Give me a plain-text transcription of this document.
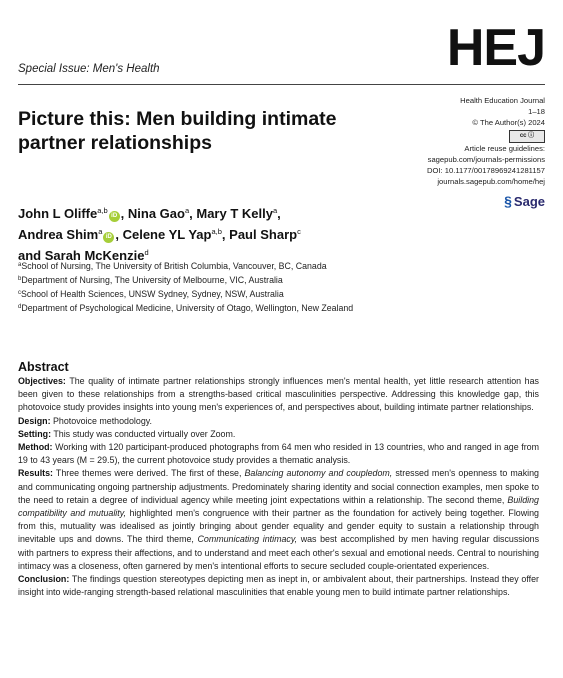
Special Issue: Men's Health	HEJ
Health Education Journal
1–18
© The Author(s) 2024
cc ⓘ
Article reuse guidelines:
sagepub.com/journals-permissions
DOI: 10.1177/00178969241281157
journals.sagepub.com/home/hej
§ Sage
Picture this: Men building intimate partner relationships
John L Oliffe$^{a,b}$iD , Nina Gao$^a$, Mary T Kelly$^a$,
Andrea Shim$^a$iD , Celene YL Yap$^{a,b}$, Paul Sharp$^c$
and Sarah McKenzie$^d$
$^a$School of Nursing, The University of British Columbia, Vancouver, BC, Canada
$^b$Department of Nursing, The University of Melbourne, VIC, Australia
$^c$School of Health Sciences, UNSW Sydney, Sydney, NSW, Australia
$^d$Department of Psychological Medicine, University of Otago, Wellington, New Zealand
Abstract

Objectives: The quality of intimate partner relationships strongly influences men's mental health, yet little research attention has been given to these relationships from a strengths-based critical masculinities perspective. Addressing this knowledge gap, this photovoice study provides insights into young men's experiences of, and perspectives about, building intimate partner relationships.

Design: Photovoice methodology.

Setting: This study was conducted virtually over Zoom.

Method: Working with 120 participant-produced photographs from 64 men who resided in 13 countries, who and ranged in age from 19 to 43 years (M = 29.5), the current photovoice study provides a thematic analysis.

Results: Three themes were derived. The first of these, Balancing autonomy and coupledom, stressed men's openness to making and communicating ongoing partnership adjustments. Predominately sharing identity and social connection examples, men spoke to the need to retain a degree of individual agency while meeting joint expectations within a relationship. The second theme, Building compatibility and mutuality, highlighted men's congruence with their partner as the foundation for actively being together. Flowing from this, mutuality was idealised as jointly bringing about gender equality and gender equity to sustain a relationship through inevitable ups and downs. The third theme, Communicating intimacy, was best accomplished by men having regular discussions with partners to express their affections, and to understand and meet each other's sexual and emotional needs. Central to nourishing intimacy was a closeness, often garnered by men's intentional efforts to secure secluded couple-orientated experiences.

Conclusion: The findings question stereotypes depicting men as inept in, or ambivalent about, their partnerships. Instead they offer insight into wide-ranging strength-based relational masculinities that enable young men to build intimate partner relationships.
